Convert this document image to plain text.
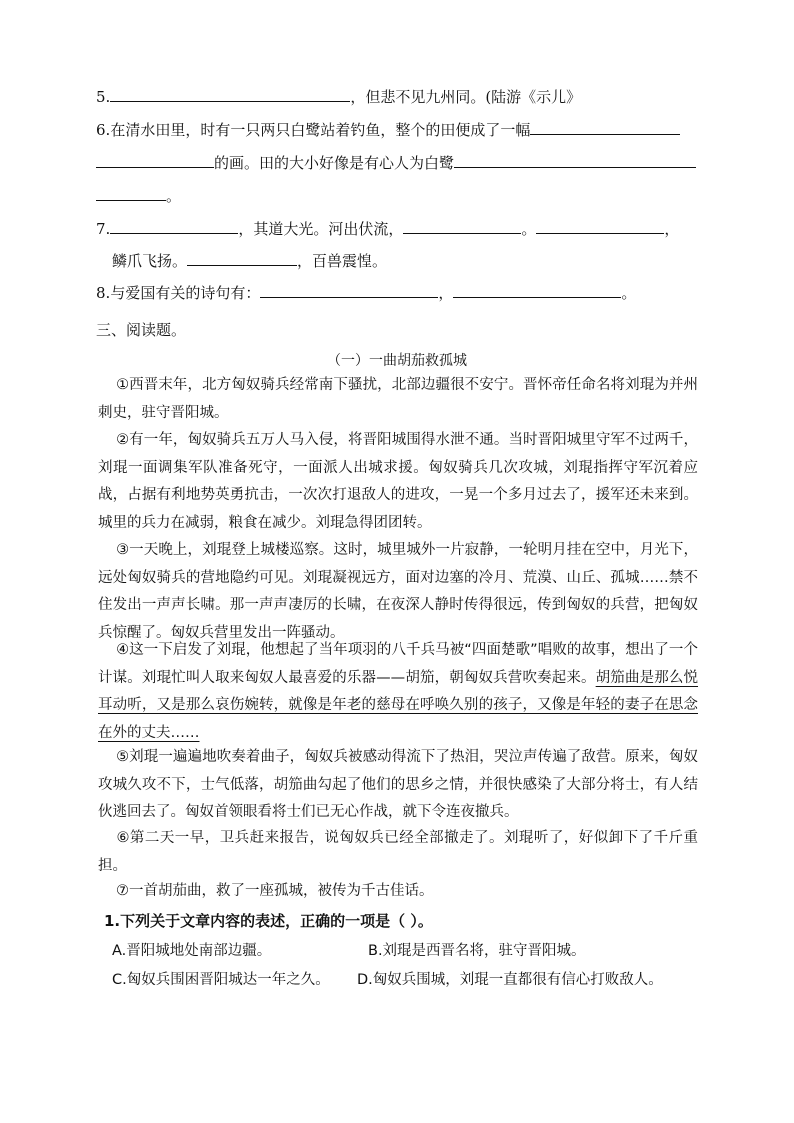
5.	，但悲不见九州同。(陆游《示儿》
6.在清水田里，时有一只两只白鹭站着钓鱼，整个的田便成了一幅
的画。田的大小好像是有心人为白鹭
。
7.	，其道大光。河出伏流，	。	，
鳞爪飞扬。	，百兽震惶。
8.与爱国有关的诗句有：	，	。
三、阅读题。
（一）一曲胡茄救孤城
①西晋末年，北方匈奴骑兵经常南下骚扰，北部边疆很不安宁。晋怀帝任命名将刘琨为并州刺史，驻守晋阳城。
②有一年，匈奴骑兵五万人马入侵，将晋阳城围得水泄不通。当时晋阳城里守军不过两千，刘琨一面调集军队准备死守，一面派人出城求援。匈奴骑兵几次攻城，刘琨指挥守军沉着应战，占据有利地势英勇抗击，一次次打退敌人的进攻，一晃一个多月过去了，援军还未来到。城里的兵力在减弱，粮食在减少。刘琨急得团团转。
③一天晚上，刘琨登上城楼巡察。这时，城里城外一片寂静，一轮明月挂在空中，月光下，远处匈奴骑兵的营地隐约可见。刘琨凝视远方，面对边塞的冷月、荒漠、山丘、孤城……禁不住发出一声声长啸。那一声声凄厉的长啸，在夜深人静时传得很远，传到匈奴的兵营，把匈奴兵惊醒了。匈奴兵营里发出一阵骚动。
④这一下启发了刘琨，他想起了当年项羽的八千兵马被“四面楚歌”唱败的故事，想出了一个计谋。刘琨忙叫人取来匈奴人最喜爱的乐器——胡笳，朝匈奴兵营吹奏起来。胡笳曲是那么悦耳动听，又是那么哀伤婉转，就像是年老的慈母在呼唤久别的孩子，又像是年轻的妻子在思念在外的丈夫……
⑤刘琨一遍遍地吹奏着曲子，匈奴兵被感动得流下了热泪，哭泣声传遍了敌营。原来，匈奴攻城久攻不下，士气低落，胡笳曲勾起了他们的思乡之情，并很快感染了大部分将士，有人结伙逃回去了。匈奴首领眼看将士们已无心作战，就下令连夜撤兵。
⑥第二天一早，卫兵赶来报告，说匈奴兵已经全部撤走了。刘琨听了，好似卸下了千斤重担。
⑦一首胡茄曲，救了一座孤城，被传为千古佳话。
1.下列关于文章内容的表述，正确的一项是（ ）。
A.晋阳城地处南部边疆。	B.刘琨是西晋名将，驻守晋阳城。
C.匈奴兵围困晋阳城达一年之久。 D.匈奴兵围城，刘琨一直都很有信心打败敌人。
